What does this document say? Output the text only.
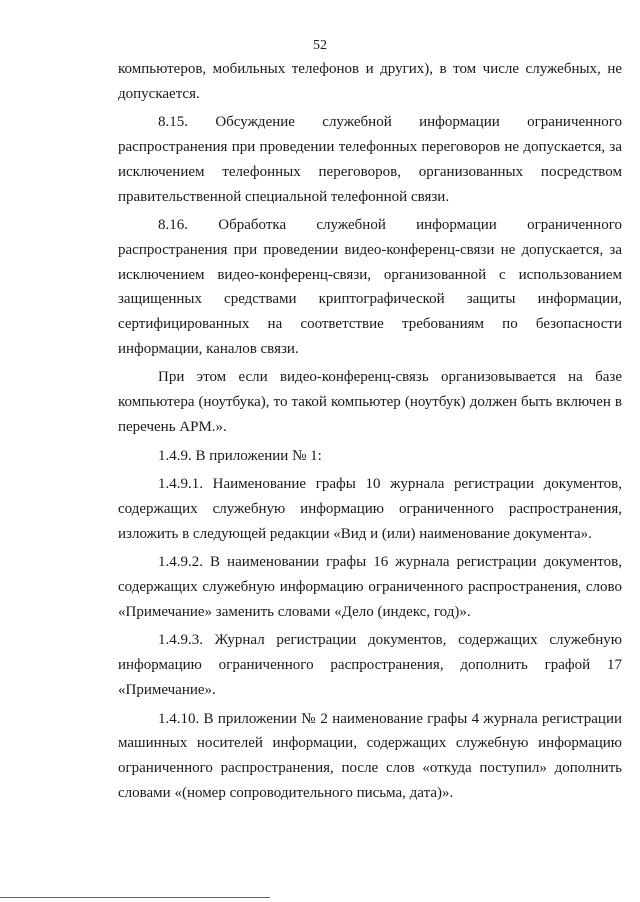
52

компьютеров, мобильных телефонов и других), в том числе служебных, не допускается.

8.15. Обсуждение служебной информации ограниченного распространения при проведении телефонных переговоров не допускается, за исключением телефонных переговоров, организованных посредством правительственной специальной телефонной связи.

8.16. Обработка служебной информации ограниченного распространения при проведении видео-конференц-связи не допускается, за исключением видео-конференц-связи, организованной с использованием защищенных средствами криптографической защиты информации, сертифицированных на соответствие требованиям по безопасности информации, каналов связи.

При этом если видео-конференц-связь организовывается на базе компьютера (ноутбука), то такой компьютер (ноутбук) должен быть включен в перечень АРМ.».

1.4.9. В приложении № 1:

1.4.9.1. Наименование графы 10 журнала регистрации документов, содержащих служебную информацию ограниченного распространения, изложить в следующей редакции «Вид и (или) наименование документа».

1.4.9.2. В наименовании графы 16 журнала регистрации документов, содержащих служебную информацию ограниченного распространения, слово «Примечание» заменить словами «Дело (индекс, год)».

1.4.9.3. Журнал регистрации документов, содержащих служебную информацию ограниченного распространения, дополнить графой 17 «Примечание».

1.4.10. В приложении № 2 наименование графы 4 журнала регистрации машинных носителей информации, содержащих служебную информацию ограниченного распространения, после слов «откуда поступил» дополнить словами «(номер сопроводительного письма, дата)».
